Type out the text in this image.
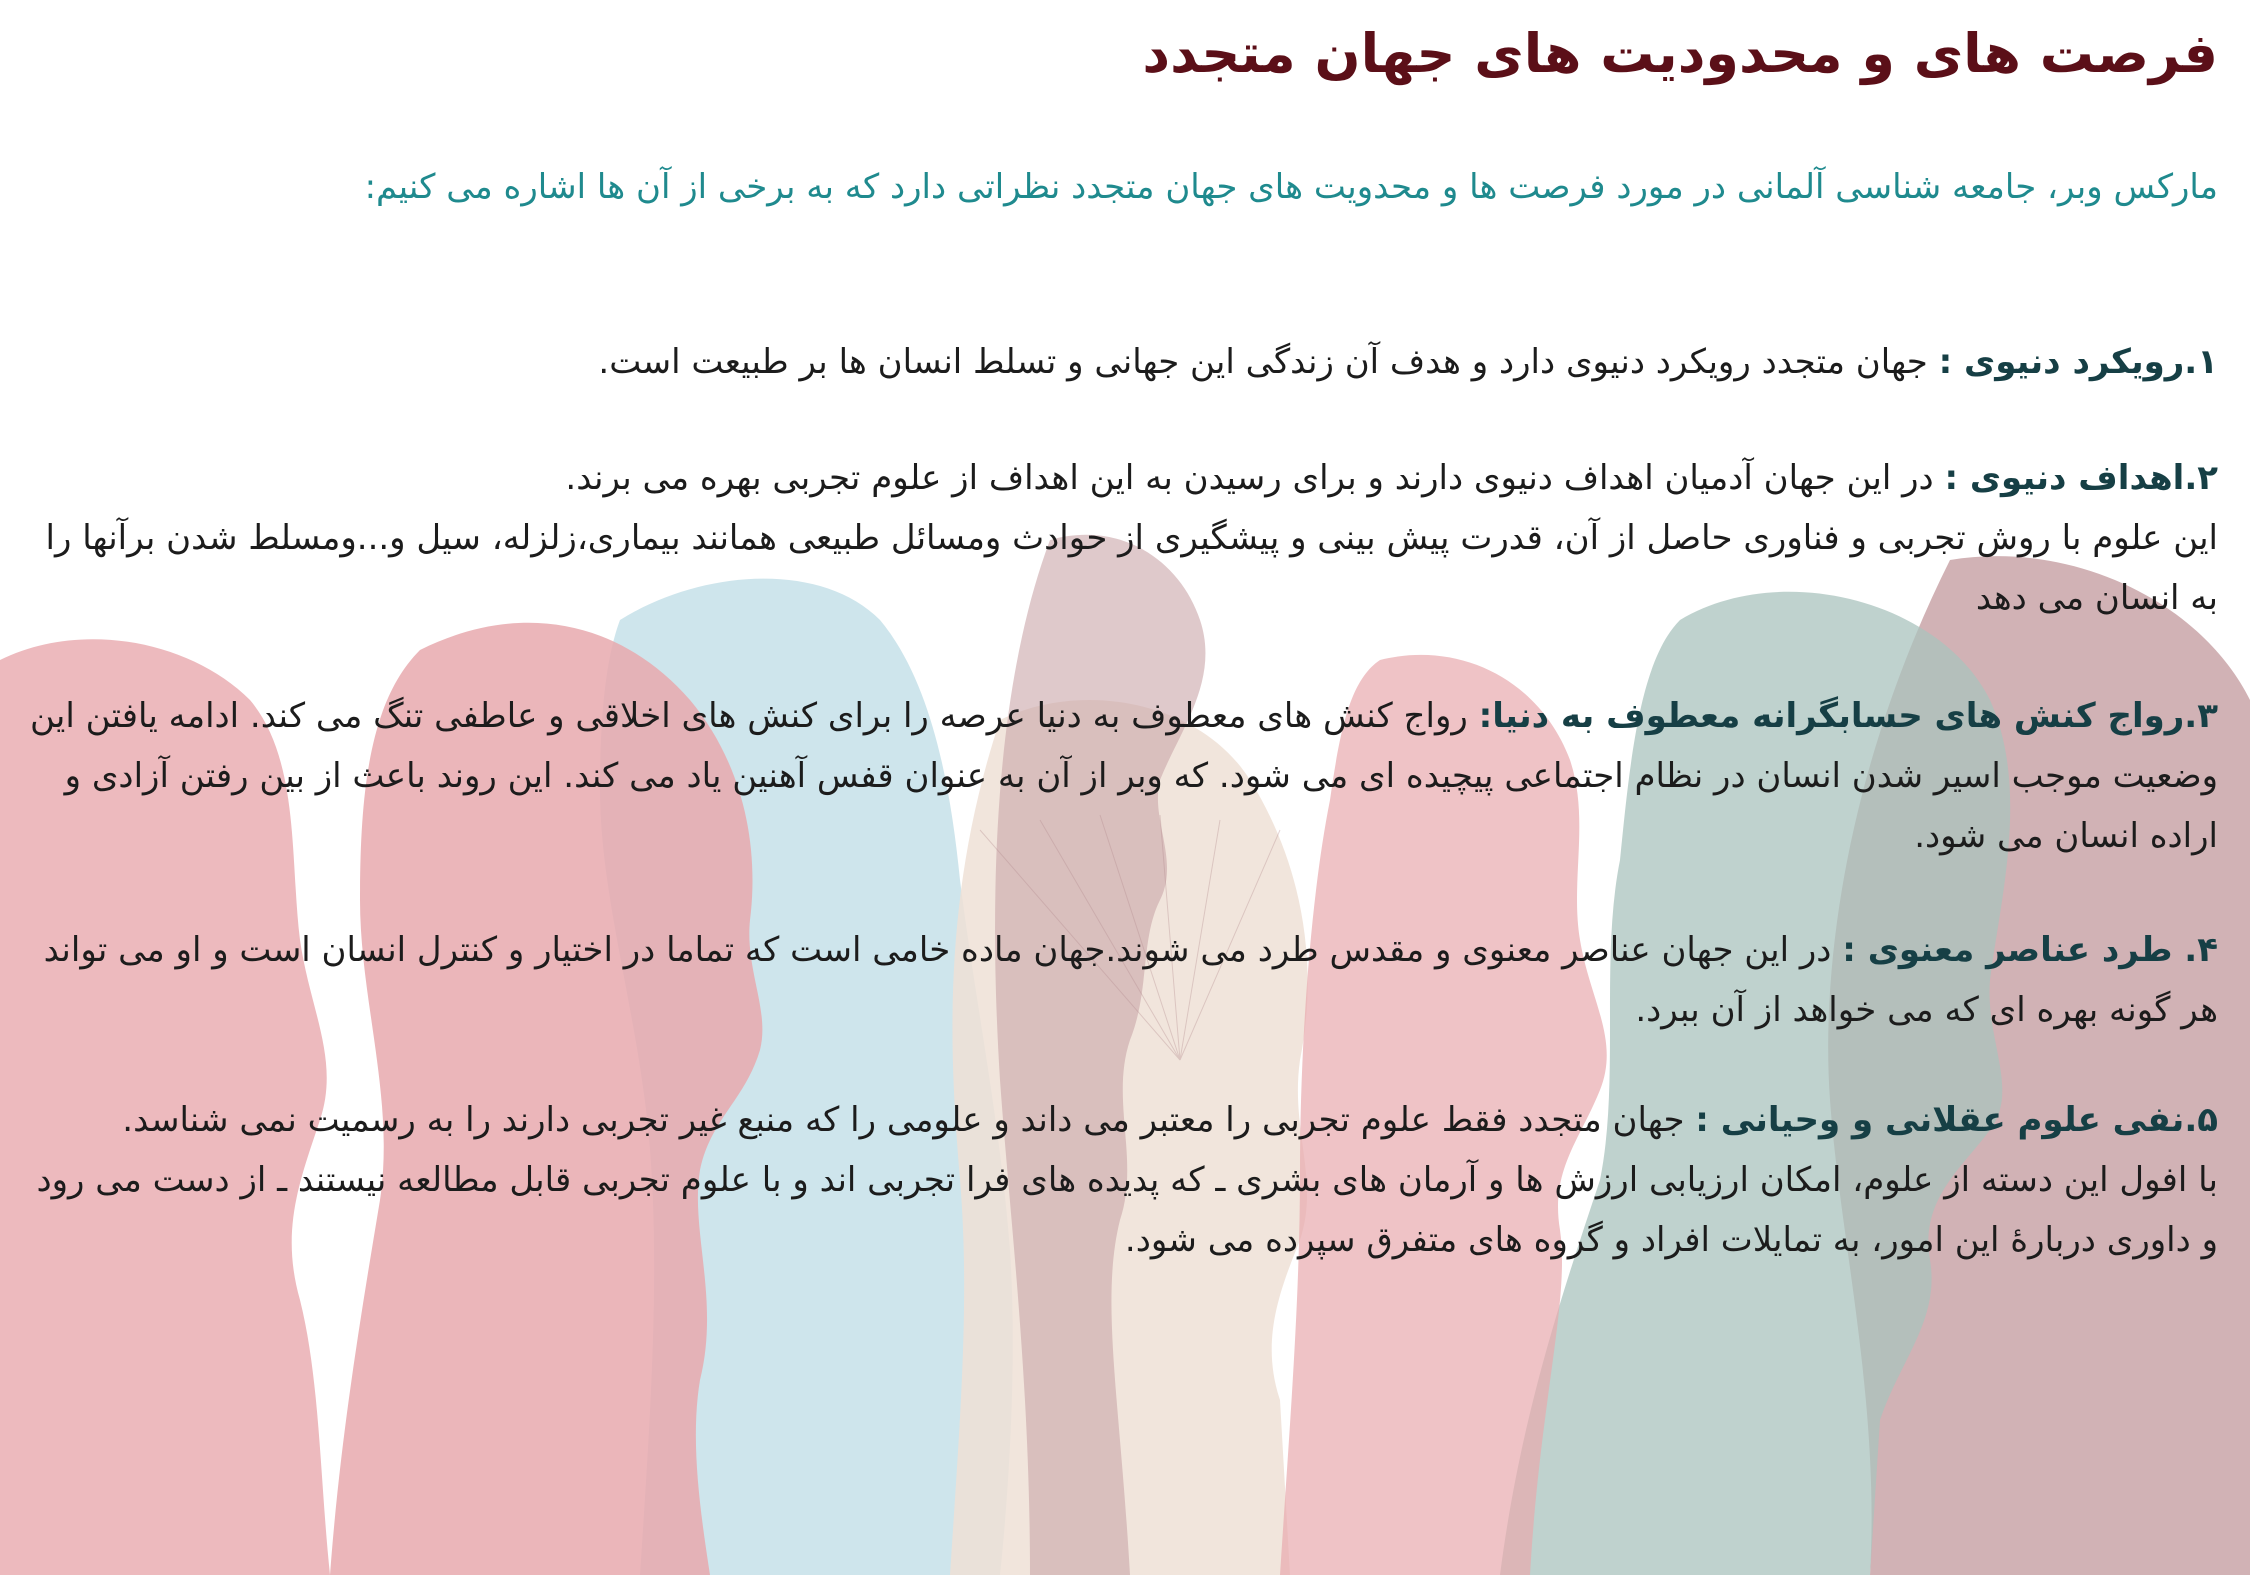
فرصت های و محدودیت های جهان متجدد

مارکس وبر، جامعه شناسی آلمانی در مورد فرصت ها و محدویت های جهان متجدد نظراتی دارد که به برخی از آن ها اشاره می کنیم:

۱.رویکرد دنیوی : جهان متجدد رویکرد دنیوی دارد و هدف آن زندگی این جهانی و تسلط انسان ها بر طبیعت است.

۲.اهداف دنیوی : در این جهان آدمیان اهداف دنیوی دارند و برای رسیدن به این اهداف از علوم تجربی بهره می برند.
این علوم با روش تجربی و فناوری حاصل از آن، قدرت پیش بینی و پیشگیری از حوادث ومسائل طبیعی همانند بیماری،زلزله، سیل و...ومسلط شدن برآنها را به انسان می دهد

۳.رواج کنش های حسابگرانه معطوف به دنیا: رواج کنش های معطوف به دنیا عرصه را برای کنش های اخلاقی و عاطفی تنگ می کند. ادامه یافتن این وضعیت موجب اسیر شدن انسان در نظام اجتماعی پیچیده ای می شود. که وبر از آن به عنوان قفس آهنین یاد می کند. این روند باعث از بین رفتن آزادی و اراده انسان می شود.

۴. طرد عناصر معنوی : در این جهان عناصر معنوی و مقدس طرد می شوند.جهان ماده خامی است که تماما در اختیار و کنترل انسان است و او می تواند هر گونه بهره ای که می خواهد از آن ببرد.

۵.نفی علوم عقلانی و وحیانی : جهان متجدد فقط علوم تجربی را معتبر می داند و علومی را که منبع غیر تجربی دارند را به رسمیت نمی شناسد.
با افول این دسته از علوم، امکان ارزیابی ارزش ها و آرمان های بشری ـ که پدیده های فرا تجربی اند و با علوم تجربی قابل مطالعه نیستند ـ از دست می رود و داوری دربارۀ این امور، به تمایلات افراد و گروه های متفرق سپرده می شود.
